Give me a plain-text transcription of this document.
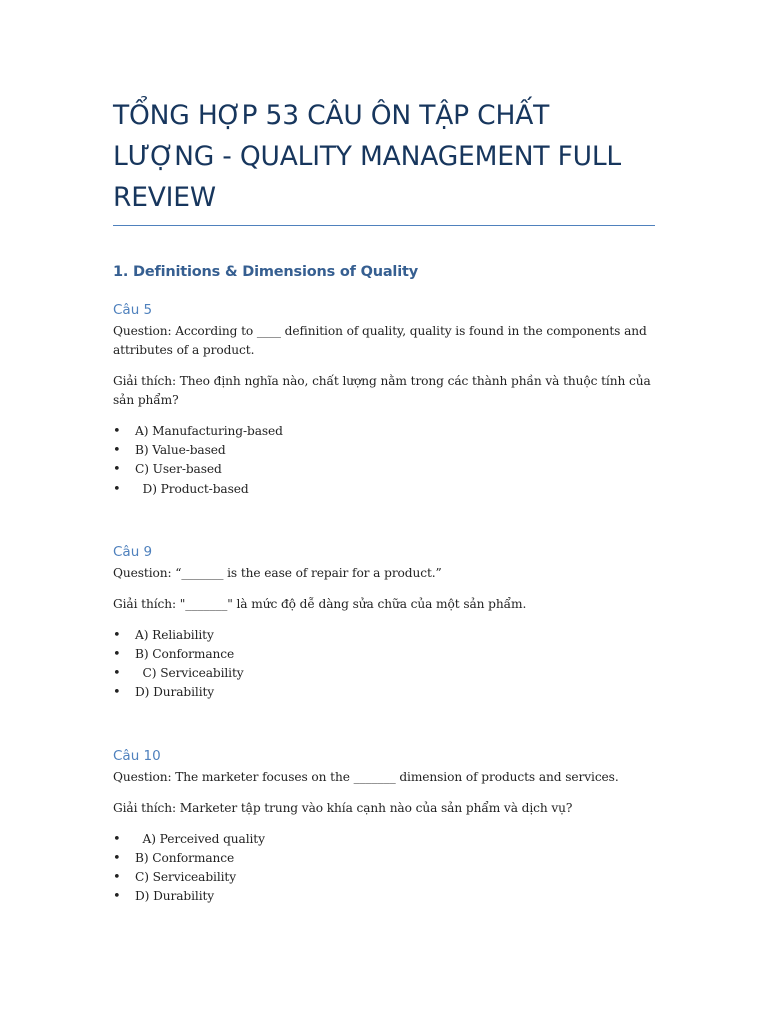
TỔNG HỢP 53 CÂU ÔN TẬP CHẤT LƯỢNG - QUALITY MANAGEMENT FULL REVIEW
1. Definitions & Dimensions of Quality
Câu 5

Question: According to ____ definition of quality, quality is found in the components and attributes of a product.

Giải thích: Theo định nghĩa nào, chất lượng nằm trong các thành phần và thuộc tính của sản phẩm?

• A) Manufacturing-based
• B) Value-based
• C) User-based
• D) Product-based
Câu 9

Question: “_______ is the ease of repair for a product.”

Giải thích: "_______" là mức độ dễ dàng sửa chữa của một sản phẩm.

• A) Reliability
• B) Conformance
• C) Serviceability
• D) Durability
Câu 10

Question: The marketer focuses on the _______ dimension of products and services.

Giải thích: Marketer tập trung vào khía cạnh nào của sản phẩm và dịch vụ?

• A) Perceived quality
• B) Conformance
• C) Serviceability
• D) Durability
